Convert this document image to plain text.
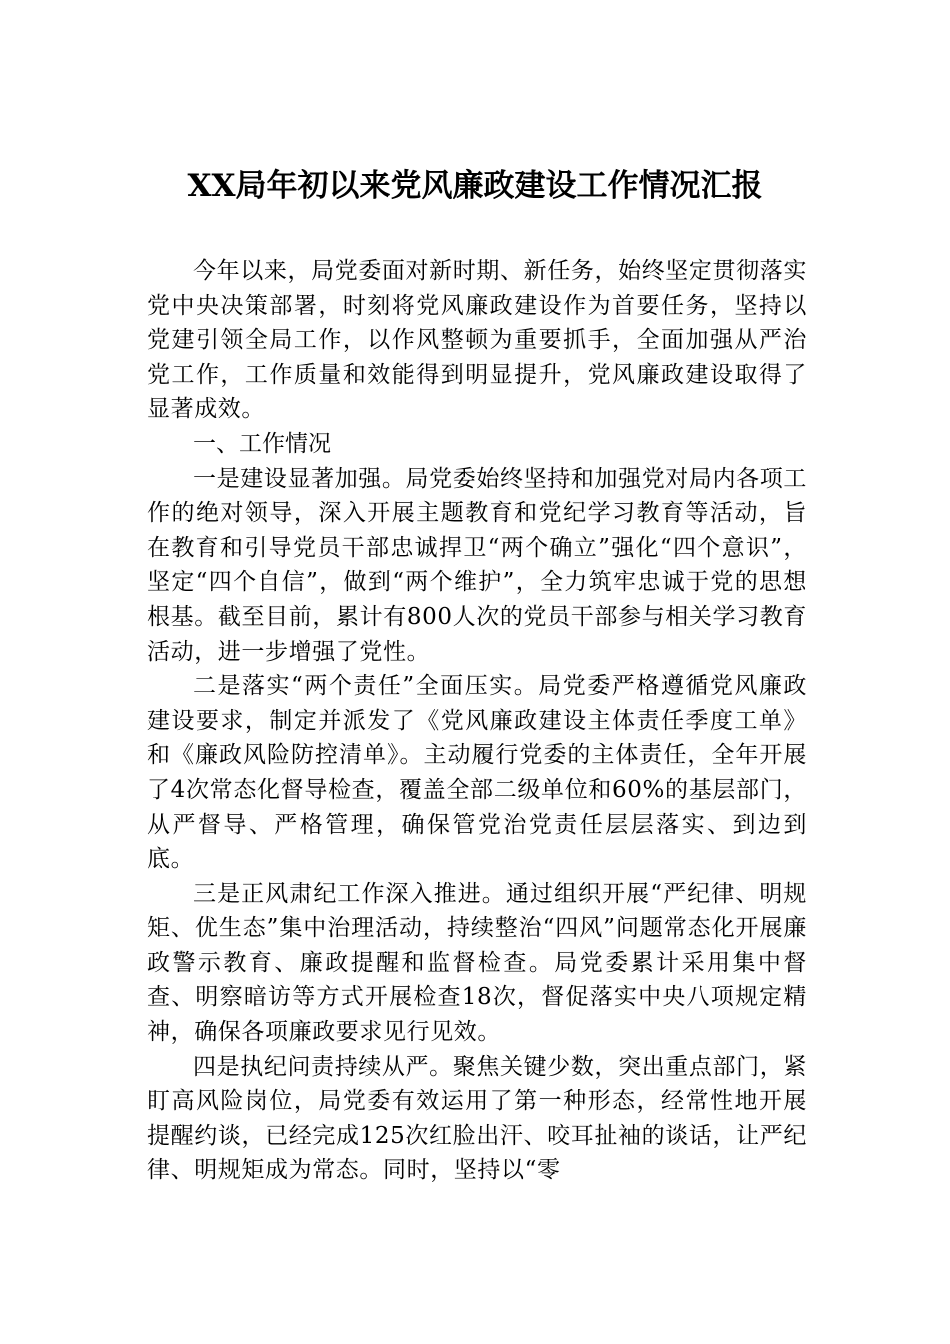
XX局年初以来党风廉政建设工作情况汇报

今年以来，局党委面对新时期、新任务，始终坚定贯彻落实党中央决策部署，时刻将党风廉政建设作为首要任务，坚持以党建引领全局工作，以作风整顿为重要抓手，全面加强从严治党工作，工作质量和效能得到明显提升，党风廉政建设取得了显著成效。

一、工作情况

一是建设显著加强。局党委始终坚持和加强党对局内各项工作的绝对领导，深入开展主题教育和党纪学习教育等活动，旨在教育和引导党员干部忠诚捍卫“两个确立”强化“四个意识”，坚定“四个自信”，做到“两个维护”，全力筑牢忠诚于党的思想根基。截至目前，累计有800人次的党员干部参与相关学习教育活动，进一步增强了党性。

二是落实“两个责任”全面压实。局党委严格遵循党风廉政建设要求，制定并派发了《党风廉政建设主体责任季度工单》和《廉政风险防控清单》。主动履行党委的主体责任，全年开展了4次常态化督导检查，覆盖全部二级单位和60%的基层部门，从严督导、严格管理，确保管党治党责任层层落实、到边到底。

三是正风肃纪工作深入推进。通过组织开展“严纪律、明规矩、优生态”集中治理活动，持续整治“四风”问题常态化开展廉政警示教育、廉政提醒和监督检查。局党委累计采用集中督查、明察暗访等方式开展检查18次，督促落实中央八项规定精神，确保各项廉政要求见行见效。

四是执纪问责持续从严。聚焦关键少数，突出重点部门，紧盯高风险岗位，局党委有效运用了第一种形态，经常性地开展提醒约谈，已经完成125次红脸出汗、咬耳扯袖的谈话，让严纪律、明规矩成为常态。同时，坚持以“零
